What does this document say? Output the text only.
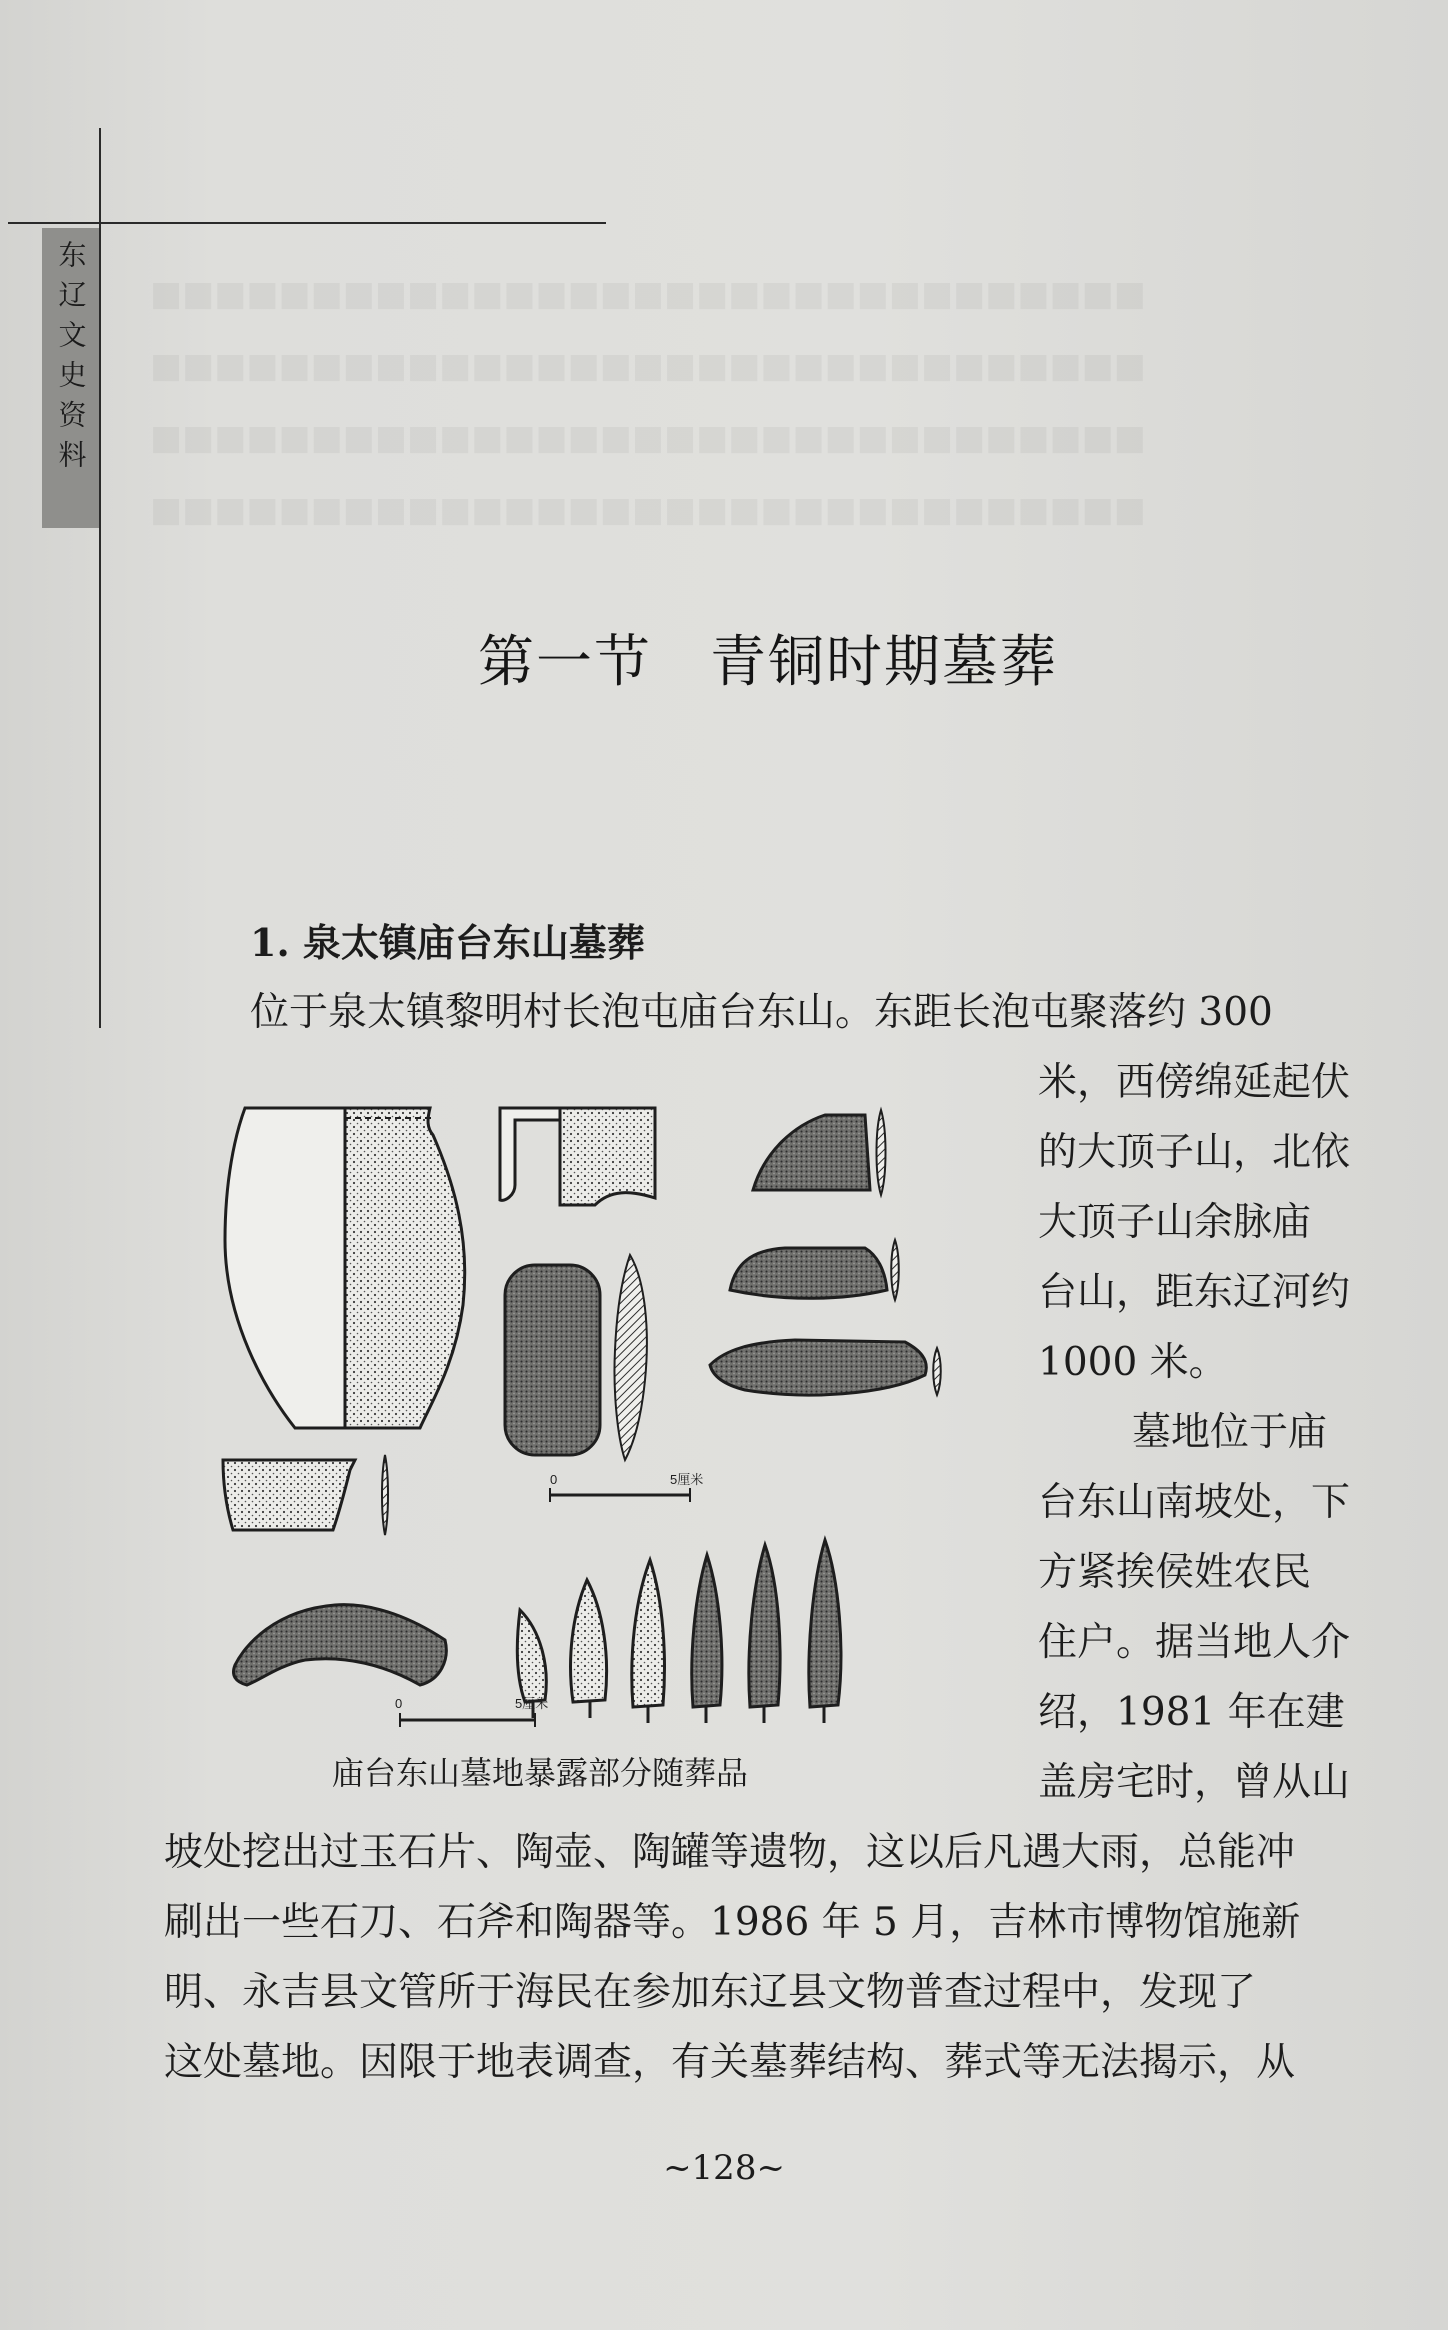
■■■■■■■■■■■■■■■■■■■■■■■■■■■■■■■
■■■■■■■■■■■■■■■■■■■■■■■■■■■■■■■
■■■■■■■■■■■■■■■■■■■■■■■■■■■■■■■
■■■■■■■■■■■■■■■■■■■■■■■■■■■■■■■
东辽文史资料
第一节　青铜时期墓葬
1. 泉太镇庙台东山墓葬
位于泉太镇黎明村长泡屯庙台东山。东距长泡屯聚落约 300
米，西傍绵延起伏
的大顶子山，北依
大顶子山余脉庙
台山，距东辽河约
1000 米。
墓地位于庙
台东山南坡处，下
方紧挨侯姓农民
住户。据当地人介
绍，1981 年在建
盖房宅时，曾从山
坡处挖出过玉石片、陶壶、陶罐等遗物，这以后凡遇大雨，总能冲
刷出一些石刀、石斧和陶器等。1986 年 5 月，吉林市博物馆施新
明、永吉县文管所于海民在参加东辽县文物普查过程中，发现了
这处墓地。因限于地表调查，有关墓葬结构、葬式等无法揭示，从
0	5厘米
0	5厘米
庙台东山墓地暴露部分随葬品
~128~
